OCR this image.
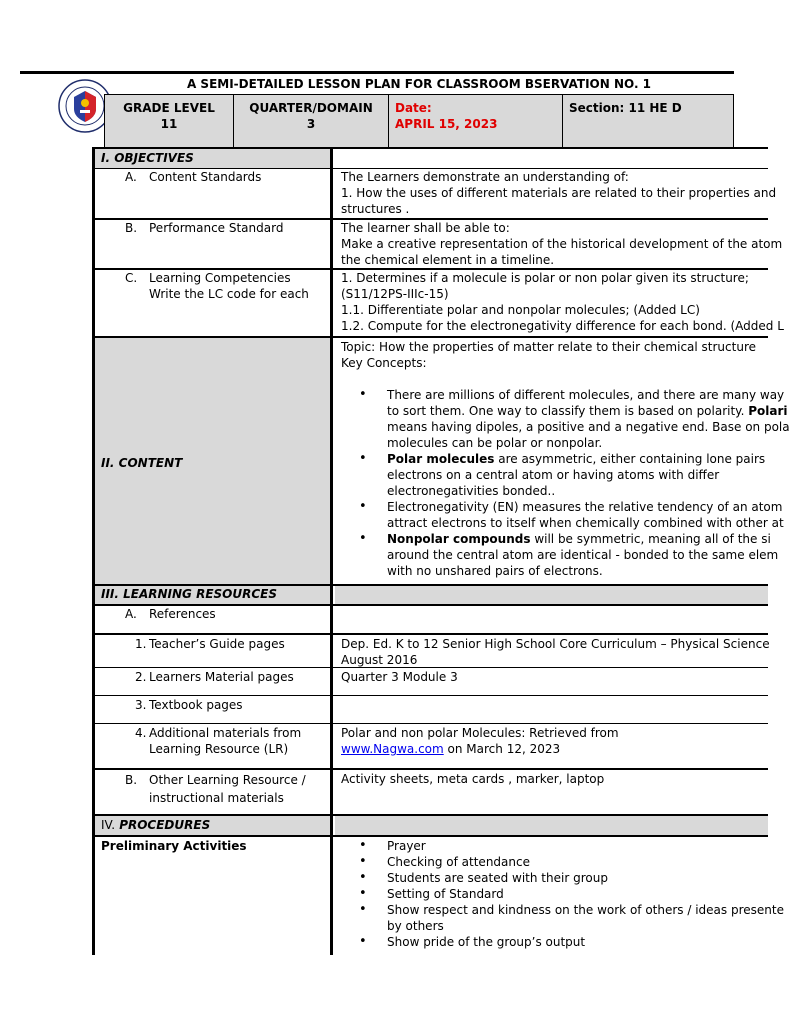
A SEMI-DETAILED LESSON PLAN FOR CLASSROOM BSERVATION NO. 1
GRADE LEVEL
11
QUARTER/DOMAIN
3
Date:
APRIL 15, 2023
Section: 11 HE D
I. OBJECTIVES
A. Content Standards	The Learners demonstrate an understanding of:
1. How the uses of different materials are related to their properties and
structures .
B. Performance Standard	The learner shall be able to:
Make a creative representation of the historical development of the atom
the chemical element in a timeline.
C. Learning Competencies
Write the LC code for each
1. Determines if a molecule is polar or non polar given its structure;
(S11/12PS-IIIc-15)
1.1. Differentiate polar and nonpolar molecules; (Added LC)
1.2. Compute for the electronegativity difference for each bond. (Added L
II. CONTENT
Topic: How the properties of matter relate to their chemical structure
Key Concepts:
• There are millions of different molecules, and there are many way
to sort them. One way to classify them is based on polarity. Polari
means having dipoles, a positive and a negative end. Base on pola
molecules can be polar or nonpolar.
• Polar molecules are asymmetric, either containing lone pairs
electrons on a central atom or having atoms with differ
electronegativities bonded..
• Electronegativity (EN) measures the relative tendency of an atom
attract electrons to itself when chemically combined with other at
• Nonpolar compounds will be symmetric, meaning all of the si
around the central atom are identical - bonded to the same elem
with no unshared pairs of electrons.
III. LEARNING RESOURCES
A. References
1. Teacher’s Guide pages	Dep. Ed. K to 12 Senior High School Core Curriculum – Physical Science
August 2016
2. Learners Material pages	Quarter 3 Module 3
3. Textbook pages
4. Additional materials from
Learning Resource (LR)
Polar and non polar Molecules: Retrieved from
www.Nagwa.com on March 12, 2023
B. Other Learning Resource /
instructional materials
Activity sheets, meta cards , marker, laptop
IV. PROCEDURES
Preliminary Activities
•	Prayer
• Checking of attendance
• Students are seated with their group
• Setting of Standard
• Show respect and kindness on the work of others / ideas presente
by others
• Show pride of the group’s output
